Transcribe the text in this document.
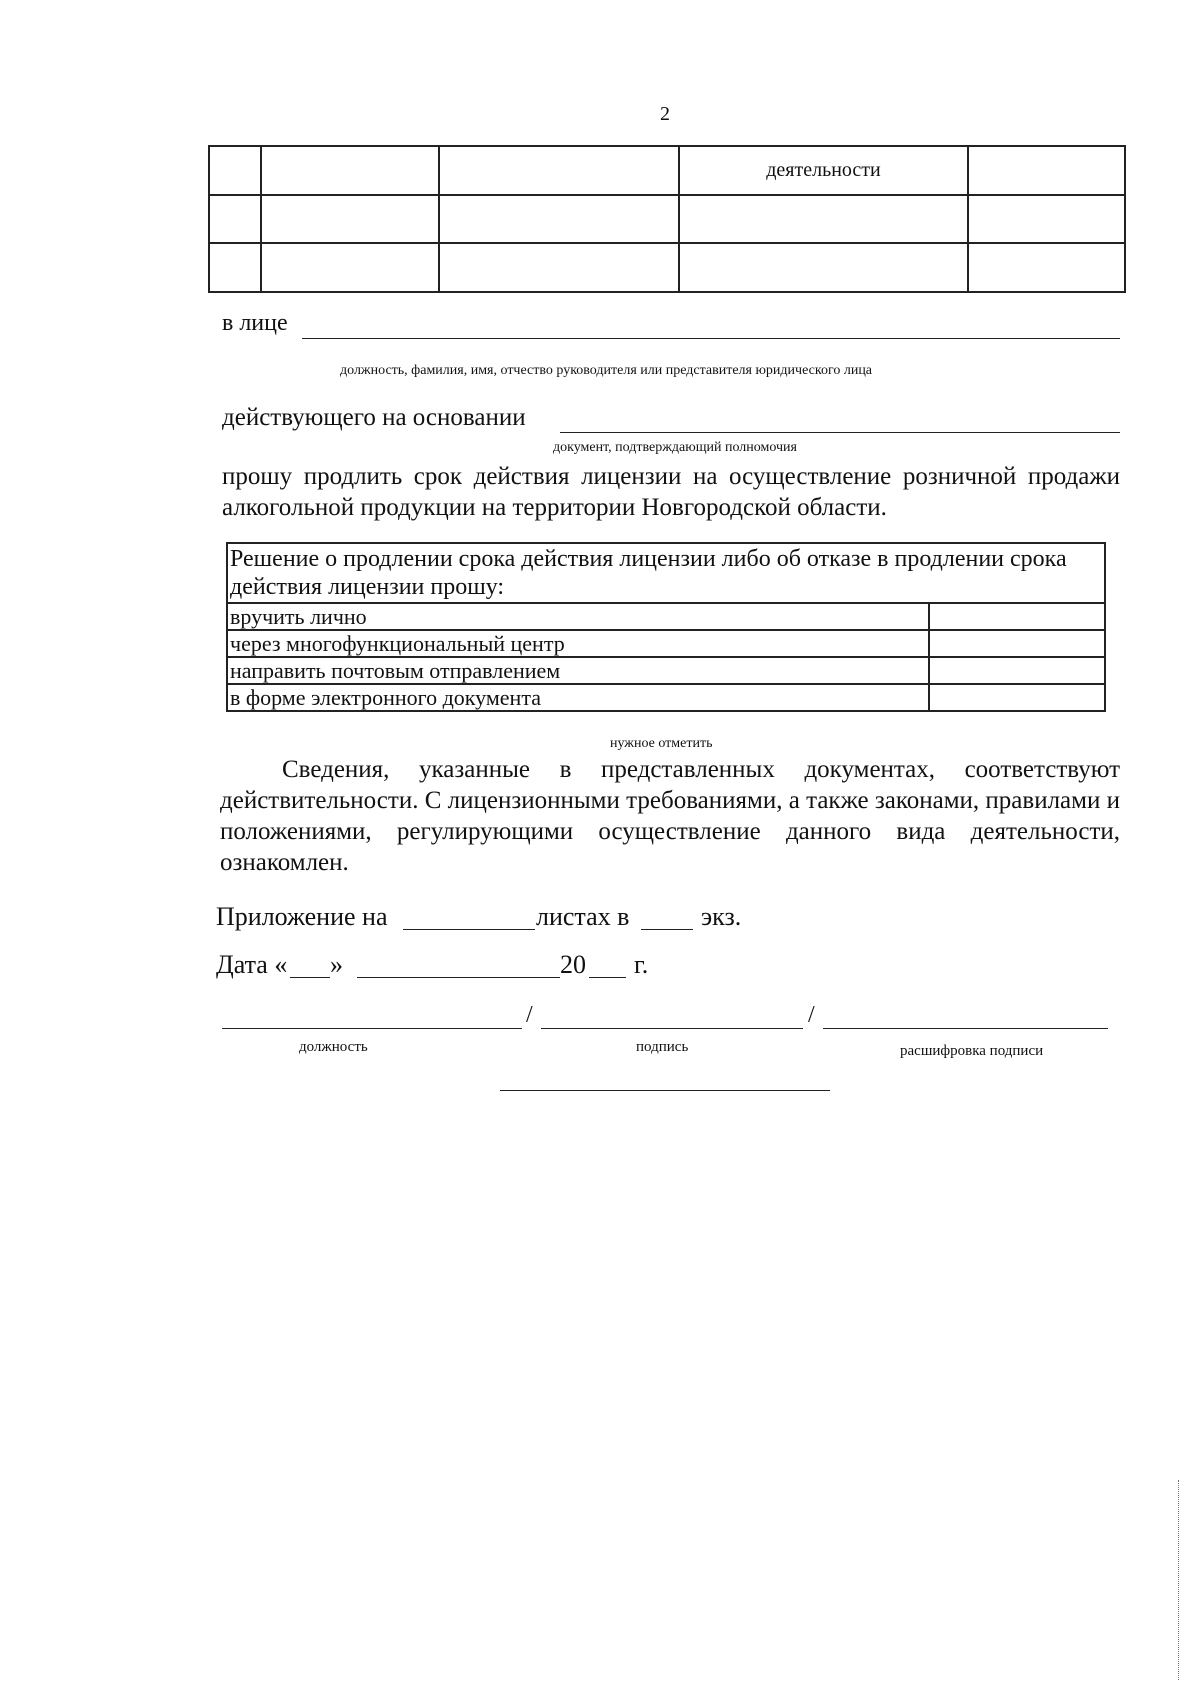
2
			деятельности	

в лице
должность, фамилия, имя, отчество руководителя или представителя юридического лица
действующего на основании
документ, подтверждающий полномочия
прошу продлить срок действия лицензии на осуществление розничной продажи алкогольной продукции на территории Новгородской области.
Решение о продлении срока действия лицензии либо об отказе в продлении срока действия лицензии прошу:	
вручить лично	
через многофункциональный центр	
направить почтовым отправлением	
в форме электронного документа	
нужное отметить
Сведения, указанные в представленных документах, соответствуют действительности. С лицензионными требованиями, а также законами, правилами и положениями, регулирующими осуществление данного вида деятельности, ознакомлен.
Приложение на	листах в	экз.
Дата « »	20 г.
/	/
должность	подпись	расшифровка подписи
